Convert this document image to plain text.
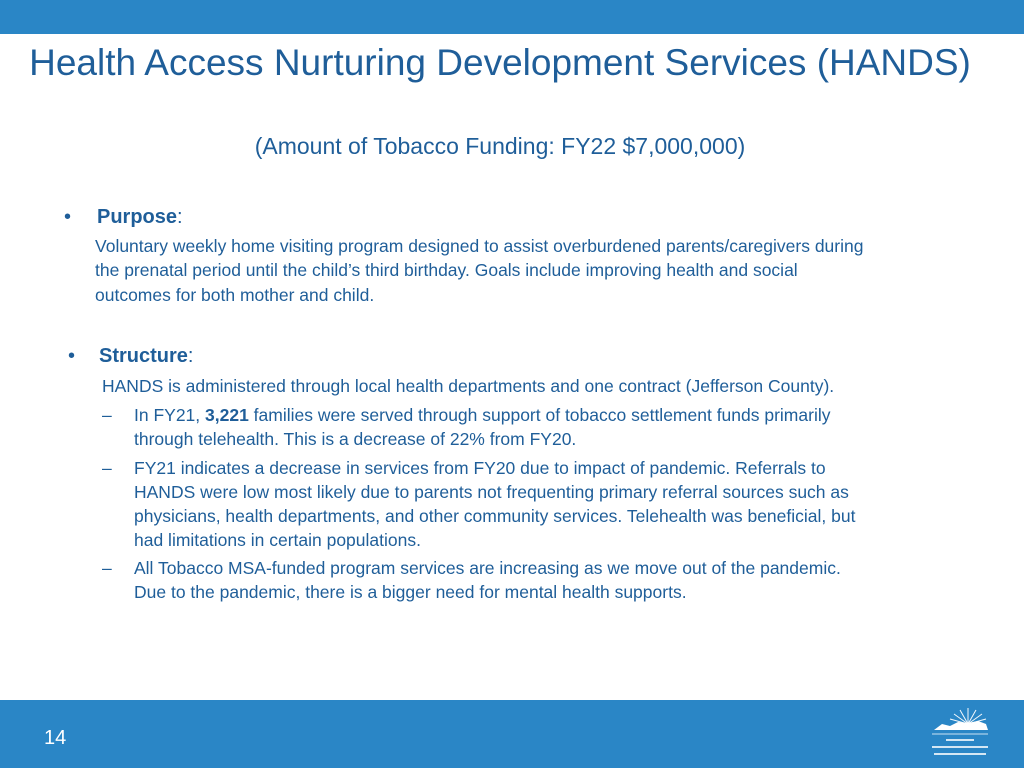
Health Access Nurturing Development Services (HANDS)
(Amount of Tobacco Funding: FY22 $7,000,000)
• Purpose:
Voluntary weekly home visiting program designed to assist overburdened parents/caregivers during
the prenatal period until the child’s third birthday. Goals include improving health and social
outcomes for both mother and child.
• Structure:
HANDS is administered through local health departments and one contract (Jefferson County).
– In FY21, 3,221 families were served through support of tobacco settlement funds primarily
through telehealth. This is a decrease of 22% from FY20.
– FY21 indicates a decrease in services from FY20 due to impact of pandemic. Referrals to
HANDS were low most likely due to parents not frequenting primary referral sources such as
physicians, health departments, and other community services. Telehealth was beneficial, but
had limitations in certain populations.
– All Tobacco MSA-funded program services are increasing as we move out of the pandemic.
Due to the pandemic, there is a bigger need for mental health supports.
14
